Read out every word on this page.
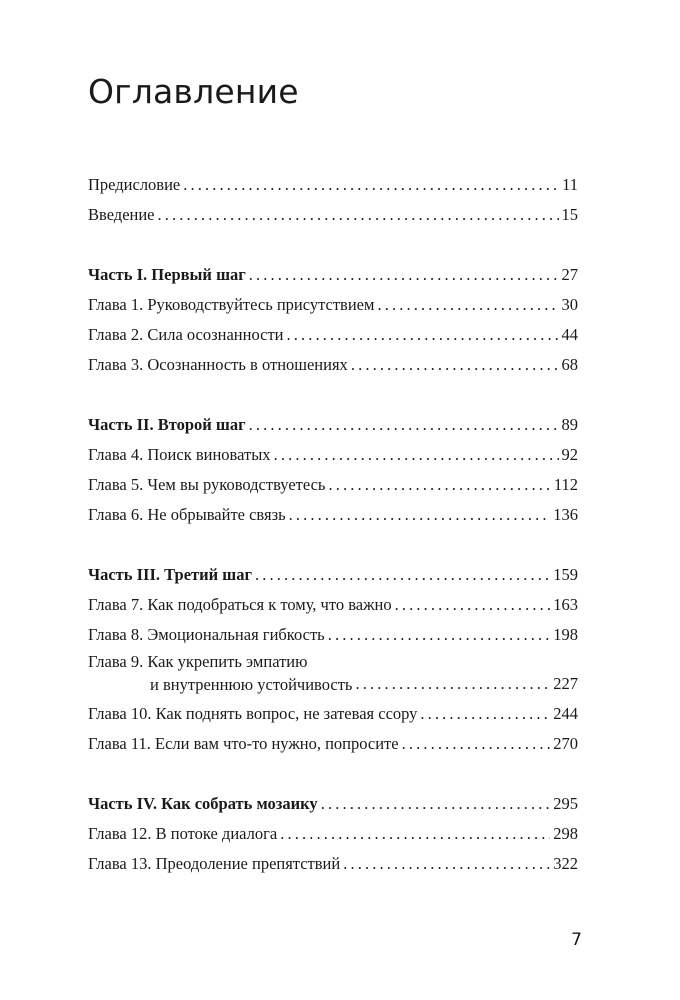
Оглавление
Предисловие . . .	11
Введение . . .	15
Часть I. Первый шаг . . .	27
Глава 1. Руководствуйтесь присутствием . . .	30
Глава 2. Сила осознанности . . .	44
Глава 3. Осознанность в отношениях . . .	68
Часть II. Второй шаг . . .	89
Глава 4. Поиск виноватых . . .	92
Глава 5. Чем вы руководствуетесь . . .	112
Глава 6. Не обрывайте связь . . .	136
Часть III. Третий шаг . . .	159
Глава 7. Как подобраться к тому, что важно . . .	163
Глава 8. Эмоциональная гибкость . . .	198
Глава 9. Как укрепить эмпатию
и внутреннюю устойчивость . . .	227
Глава 10. Как поднять вопрос, не затевая ссору . . .	244
Глава 11. Если вам что-то нужно, попросите . . .	270
Часть IV. Как собрать мозаику . . .	295
Глава 12. В потоке диалога . . .	298
Глава 13. Преодоление препятствий . . .	322
7
